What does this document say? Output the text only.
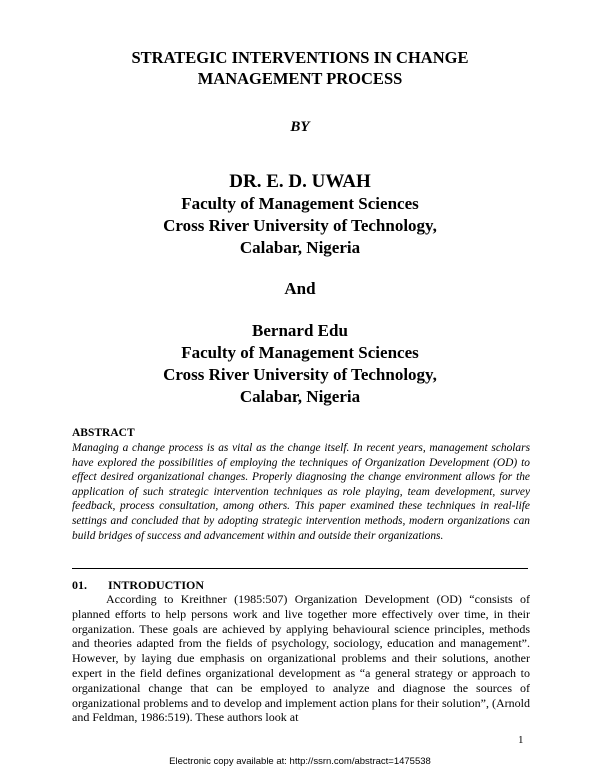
STRATEGIC INTERVENTIONS IN CHANGE
MANAGEMENT PROCESS
BY
DR. E. D. UWAH
Faculty of Management Sciences
Cross River University of Technology,
Calabar, Nigeria
And
Bernard Edu
Faculty of Management Sciences
Cross River University of Technology,
Calabar, Nigeria
ABSTRACT
Managing a change process is as vital as the change itself. In recent years, management scholars have explored the possibilities of employing the techniques of Organization Development (OD) to effect desired organizational changes. Properly diagnosing the change environment allows for the application of such strategic intervention techniques as role playing, team development, survey feedback, process consultation, among others. This paper examined these techniques in real-life settings and concluded that by adopting strategic intervention methods, modern organizations can build bridges of success and advancement within and outside their organizations.
01. INTRODUCTION
According to Kreithner (1985:507) Organization Development (OD) “consists of planned efforts to help persons work and live together more effectively over time, in their organization. These goals are achieved by applying behavioural science principles, methods and theories adapted from the fields of psychology, sociology, education and management”. However, by laying due emphasis on organizational problems and their solutions, another expert in the field defines organizational development as “a general strategy or approach to organizational change that can be employed to analyze and diagnose the sources of organizational problems and to develop and implement action plans for their solution”, (Arnold and Feldman, 1986:519). These authors look at
1
Electronic copy available at: http://ssrn.com/abstract=1475538
